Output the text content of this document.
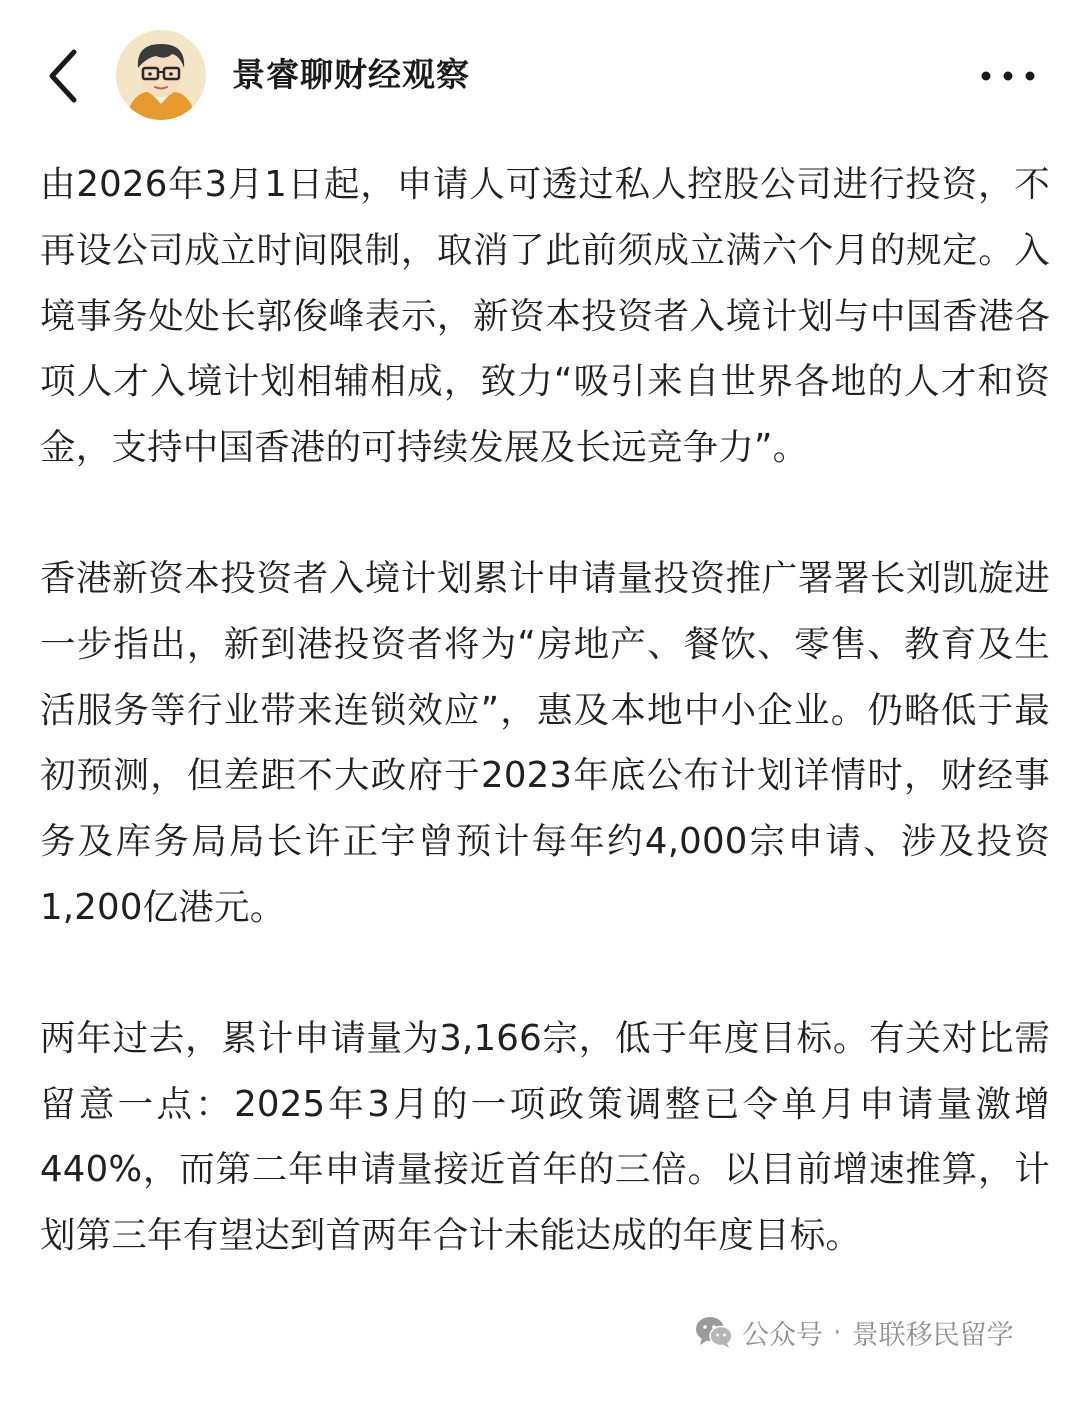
景睿聊财经观察

由2026年3月1日起，申请人可透过私人控股公司进行投资，不再设公司成立时间限制，取消了此前须成立满六个月的规定。入境事务处处长郭俊峰表示，新资本投资者入境计划与中国香港各项人才入境计划相辅相成，致力“吸引来自世界各地的人才和资金，支持中国香港的可持续发展及长远竞争力”。

香港新资本投资者入境计划累计申请量投资推广署署长刘凯旋进一步指出，新到港投资者将为“房地产、餐饮、零售、教育及生活服务等行业带来连锁效应”，惠及本地中小企业。仍略低于最初预测，但差距不大政府于2023年底公布计划详情时，财经事务及库务局局长许正宇曾预计每年约4,000宗申请、涉及投资1,200亿港元。

两年过去，累计申请量为3,166宗，低于年度目标。有关对比需留意一点：2025年3月的一项政策调整已令单月申请量激增440%，而第二年申请量接近首年的三倍。以目前增速推算，计划第三年有望达到首两年合计未能达成的年度目标。

公众号 · 景联移民留学
